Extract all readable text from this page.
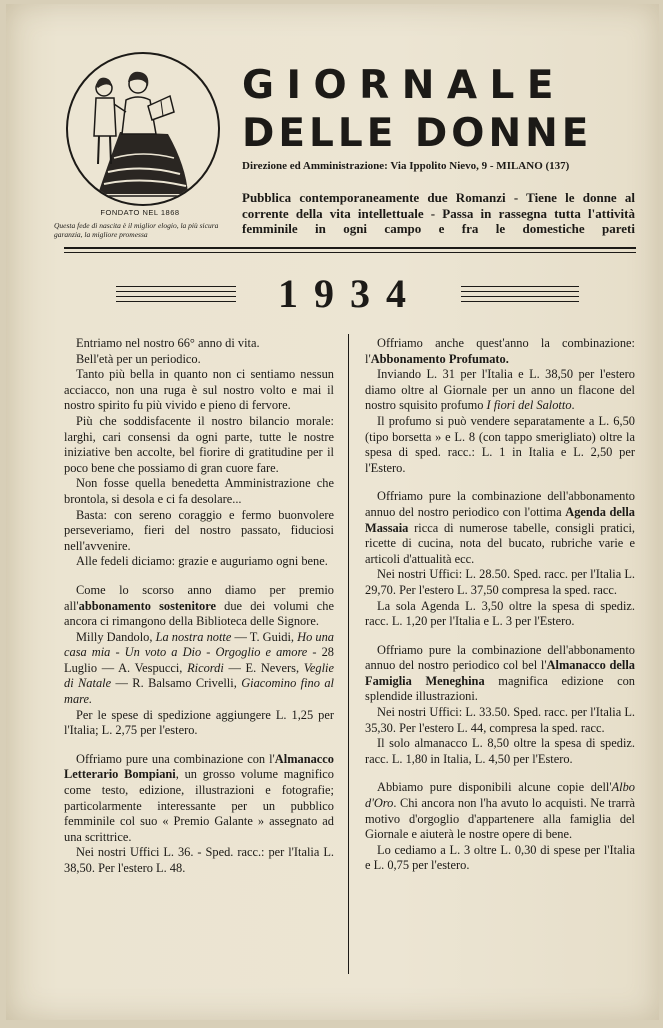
FONDATO NEL 1868
Questa fede di nascita è il miglior elogio, la più sicura garanzia, la migliore promessa
GIORNALE
DELLE DONNE
Direzione ed Amministrazione: Via Ippolito Nievo, 9 - MILANO (137)
Pubblica contemporaneamente due Romanzi - Tiene le donne al corrente della vita intellettuale - Passa in rassegna tutta l'attività femminile in ogni campo e fra le domestiche pareti
1934

Entriamo nel nostro 66° anno di vita.

Bell'età per un periodico.

Tanto più bella in quanto non ci sentiamo nessun acciacco, non una ruga è sul nostro volto e mai il nostro spirito fu più vivido e pieno di fervore.

Più che soddisfacente il nostro bilancio morale: larghi, cari consensi da ogni parte, tutte le nostre iniziative ben accolte, bel fiorire di gratitudine per il poco bene che possiamo di gran cuore fare.

Non fosse quella benedetta Amministrazione che brontola, si desola e ci fa desolare...

Basta: con sereno coraggio e fermo buonvolere perseveriamo, fieri del nostro passato, fiduciosi nell'avvenire.

Alle fedeli diciamo: grazie e auguriamo ogni bene.

Come lo scorso anno diamo per premio all'abbonamento sostenitore due dei volumi che ancora ci rimangono della Biblioteca delle Signore.

Milly Dandolo, La nostra notte — T. Guidi, Ho una casa mia - Un voto a Dio - Orgoglio e amore - 28 Luglio — A. Vespucci, Ricordi — E. Nevers, Veglie di Natale — R. Balsamo Crivelli, Giacomino fino al mare.

Per le spese di spedizione aggiungere L. 1,25 per l'Italia; L. 2,75 per l'estero.

Offriamo pure una combinazione con l'Almanacco Letterario Bompiani, un grosso volume magnifico come testo, edizione, illustrazioni e fotografie; particolarmente interessante per un pubblico femminile col suo « Premio Galante » assegnato ad una scrittrice.

Nei nostri Uffici L. 36. - Sped. racc.: per l'Italia L. 38,50. Per l'estero L. 48.

Offriamo anche quest'anno la combinazione: l'Abbonamento Profumato.

Inviando L. 31 per l'Italia e L. 38,50 per l'estero diamo oltre al Giornale per un anno un flacone del nostro squisito profumo I fiori del Salotto.

Il profumo si può vendere separatamente a L. 6,50 (tipo borsetta » e L. 8 (con tappo smerigliato) oltre la spesa di sped. racc.: L. 1 in Italia e L. 2,50 per l'Estero.

Offriamo pure la combinazione dell'abbonamento annuo del nostro periodico con l'ottima Agenda della Massaia ricca di numerose tabelle, consigli pratici, ricette di cucina, nota del bucato, rubriche varie e articoli d'attualità ecc.

Nei nostri Uffici: L. 28.50. Sped. racc. per l'Italia L. 29,70. Per l'estero L. 37,50 compresa la sped. racc.

La sola Agenda L. 3,50 oltre la spesa di spediz. racc. L. 1,20 per l'Italia e L. 3 per l'Estero.

Offriamo pure la combinazione dell'abbonamento annuo del nostro periodico col bel l'Almanacco della Famiglia Meneghina magnifica edizione con splendide illustrazioni.

Nei nostri Uffici: L. 33.50. Sped. racc. per l'Italia L. 35,30. Per l'estero L. 44, compresa la sped. racc.

Il solo almanacco L. 8,50 oltre la spesa di spediz. racc. L. 1,80 in Italia, L. 4,50 per l'Estero.

Abbiamo pure disponibili alcune copie dell'Albo d'Oro. Chi ancora non l'ha avuto lo acquisti. Ne trarrà motivo d'orgoglio d'appartenere alla famiglia del Giornale e aiuterà le nostre opere di bene.

Lo cediamo a L. 3 oltre L. 0,30 di spese per l'Italia e L. 0,75 per l'estero.
